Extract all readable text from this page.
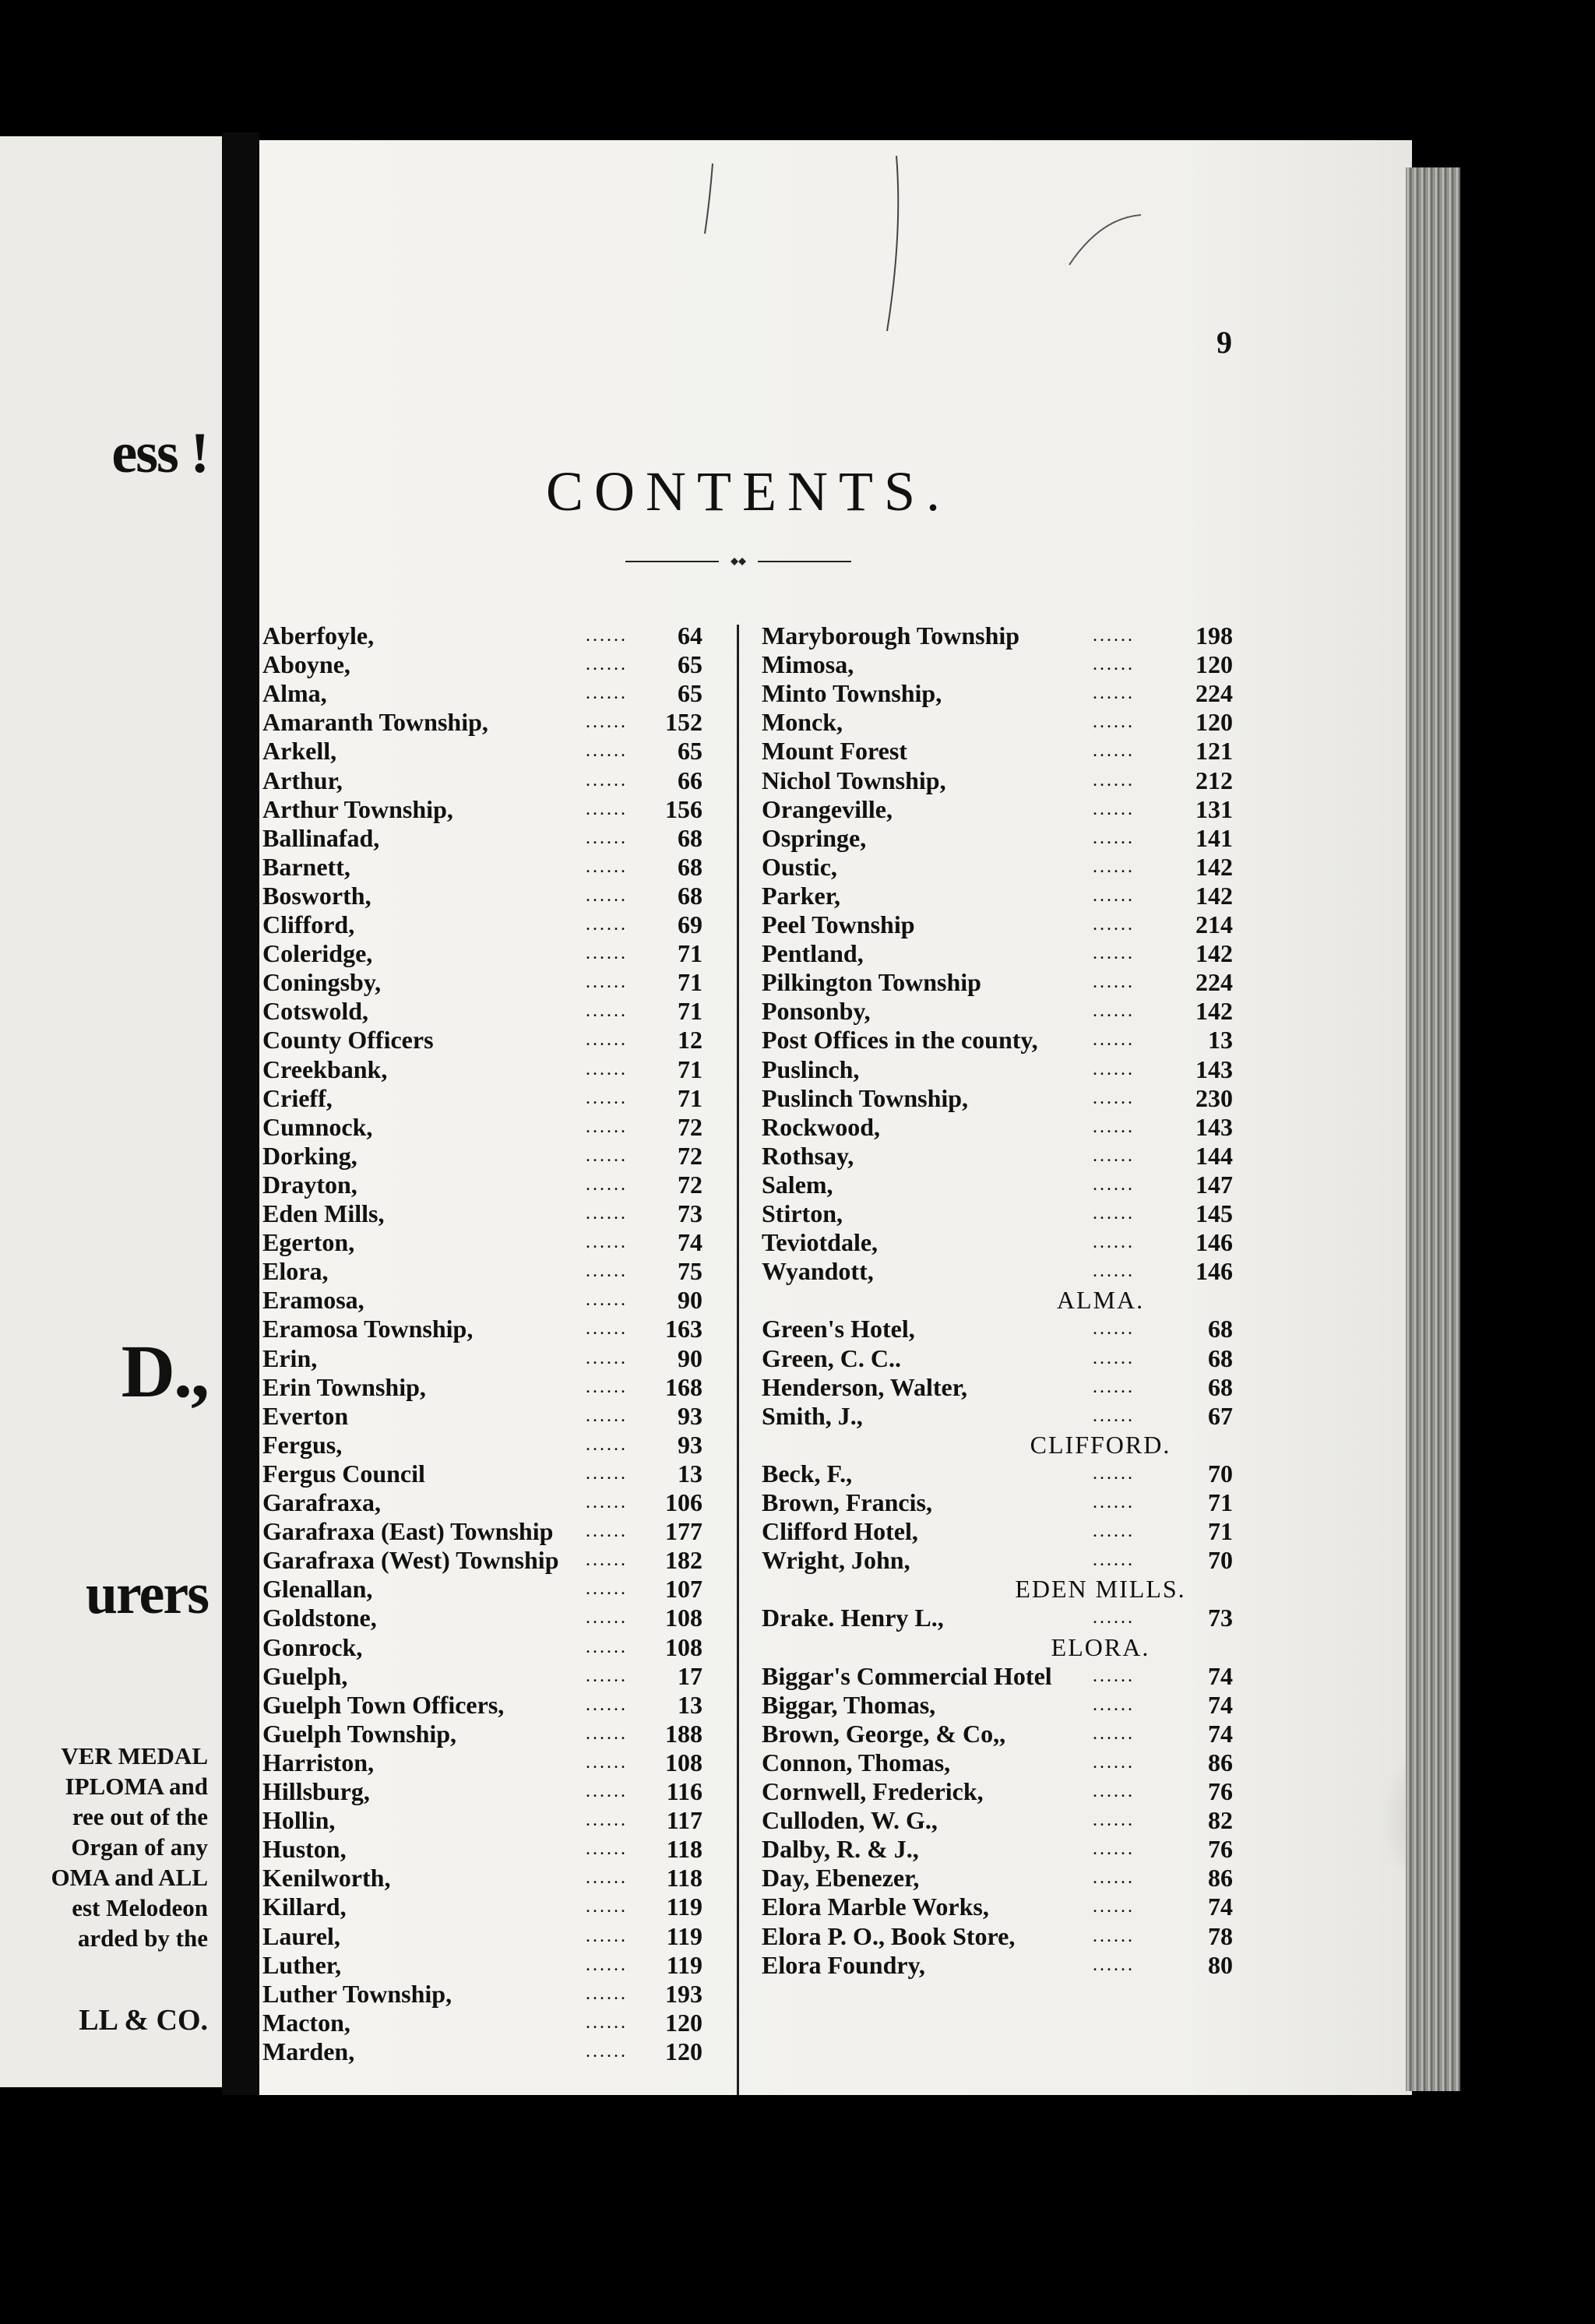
ess !
D.,
urers
VER MEDAL
IPLOMA and
ree out of the
Organ of any
OMA and ALL
est Melodeon
arded by the
LL & CO.
9
CONTENTS.
Aberfoyle,	......	64
Aboyne,	......	65
Alma,	......	65
Amaranth Township,	......	152
Arkell,	......	65
Arthur,	......	66
Arthur Township,	......	156
Ballinafad,	......	68
Barnett,	......	68
Bosworth,	......	68
Clifford,	......	69
Coleridge,	......	71
Coningsby,	......	71
Cotswold,	......	71
County Officers	......	12
Creekbank,	......	71
Crieff,	......	71
Cumnock,	......	72
Dorking,	......	72
Drayton,	......	72
Eden Mills,	......	73
Egerton,	......	74
Elora,	......	75
Eramosa,	......	90
Eramosa Township,	......	163
Erin,	......	90
Erin Township,	......	168
Everton	......	93
Fergus,	......	93
Fergus Council	......	13
Garafraxa,	......	106
Garafraxa (East) Township ......	177
Garafraxa (West) Township ......	182
Glenallan,	......	107
Goldstone,	......	108
Gonrock,	......	108
Guelph,	......	17
Guelph Town Officers,	......	13
Guelph Township,	......	188
Harriston,	......	108
Hillsburg,	......	116
Hollin,	......	117
Huston,	......	118
Kenilworth,	......	118
Killard,	......	119
Laurel,	......	119
Luther,	......	119
Luther Township,	......	193
Macton,	......	120
Marden,	......	120
Maryborough Township	......	198
Mimosa,	......	120
Minto Township,	......	224
Monck,	......	120
Mount Forest	......	121
Nichol Township,	......	212
Orangeville,	......	131
Ospringe,	......	141
Oustic,	......	142
Parker,	......	142
Peel Township	......	214
Pentland,	......	142
Pilkington Township	......	224
Ponsonby,	......	142
Post Offices in the county,	......	13
Puslinch,	......	143
Puslinch Township,	......	230
Rockwood,	......	143
Rothsay,	......	144
Salem,	......	147
Stirton,	......	145
Teviotdale,	......	146
Wyandott,	......	146
ALMA.
Green's Hotel,	......	68
Green, C. C..	......	68
Henderson, Walter,	......	68
Smith, J.,	......	67
CLIFFORD.
Beck, F.,	......	70
Brown, Francis,	......	71
Clifford Hotel,	......	71
Wright, John,	......	70
EDEN MILLS.
Drake. Henry L.,	......	73
ELORA.
Biggar's Commercial Hotel ......	74
Biggar, Thomas,	......	74
Brown, George, & Co,,	......	74
Connon, Thomas,	......	86
Cornwell, Frederick,	......	76
Culloden, W. G.,	......	82
Dalby, R. & J.,	......	76
Day, Ebenezer,	......	86
Elora Marble Works,	......	74
Elora P. O., Book Store,	......	78
Elora Foundry,	......	80
